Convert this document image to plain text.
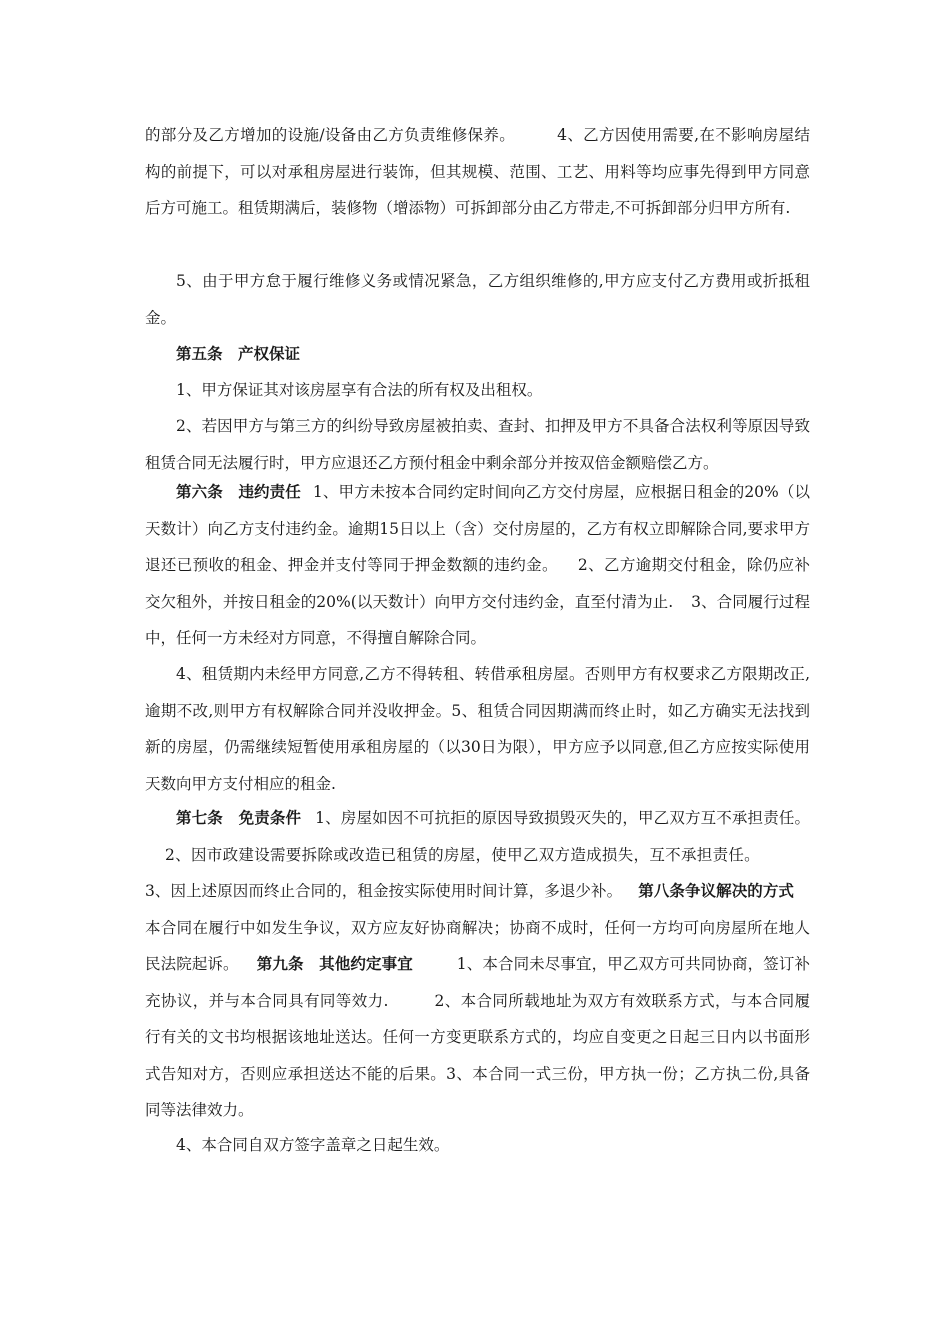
的部分及乙方增加的设施/设备由乙方负责维修保养。	4、乙方因使用需要,在不影响房屋结构的前提下，可以对承租房屋进行装饰，但其规模、范围、工艺、用料等均应事先得到甲方同意后方可施工。租赁期满后，装修物（增添物）可拆卸部分由乙方带走,不可拆卸部分归甲方所有.

5、由于甲方怠于履行维修义务或情况紧急，乙方组织维修的,甲方应支付乙方费用或折抵租金。

第五条　产权保证

1、甲方保证其对该房屋享有合法的所有权及出租权。

2、若因甲方与第三方的纠纷导致房屋被拍卖、查封、扣押及甲方不具备合法权利等原因导致租赁合同无法履行时，甲方应退还乙方预付租金中剩余部分并按双倍金额赔偿乙方。

第六条　违约责任 1、甲方未按本合同约定时间向乙方交付房屋，应根据日租金的20%（以天数计）向乙方支付违约金。逾期15日以上（含）交付房屋的，乙方有权立即解除合同,要求甲方退还已预收的租金、押金并支付等同于押金数额的违约金。 2、乙方逾期交付租金，除仍应补交欠租外，并按日租金的20%(以天数计）向甲方交付违约金，直至付清为止. 3、合同履行过程中，任何一方未经对方同意，不得擅自解除合同。

4、租赁期内未经甲方同意,乙方不得转租、转借承租房屋。否则甲方有权要求乙方限期改正,逾期不改,则甲方有权解除合同并没收押金。5、租赁合同因期满而终止时，如乙方确实无法找到新的房屋，仍需继续短暂使用承租房屋的（以30日为限），甲方应予以同意,但乙方应按实际使用天数向甲方支付相应的租金.

第七条　免责条件 1、房屋如因不可抗拒的原因导致损毁灭失的，甲乙双方互不承担责任。2、因市政建设需要拆除或改造已租赁的房屋，使甲乙双方造成损失，互不承担责任。3、因上述原因而终止合同的，租金按实际使用时间计算，多退少补。 第八条争议解决的方式本合同在履行中如发生争议，双方应友好协商解决；协商不成时，任何一方均可向房屋所在地人民法院起诉。 第九条　其他约定事宜	1、本合同未尽事宜，甲乙双方可共同协商，签订补充协议，并与本合同具有同等效力.	2、本合同所载地址为双方有效联系方式，与本合同履行有关的文书均根据该地址送达。任何一方变更联系方式的，均应自变更之日起三日内以书面形式告知对方，否则应承担送达不能的后果。3、本合同一式三份，甲方执一份；乙方执二份,具备同等法律效力。

4、本合同自双方签字盖章之日起生效。
